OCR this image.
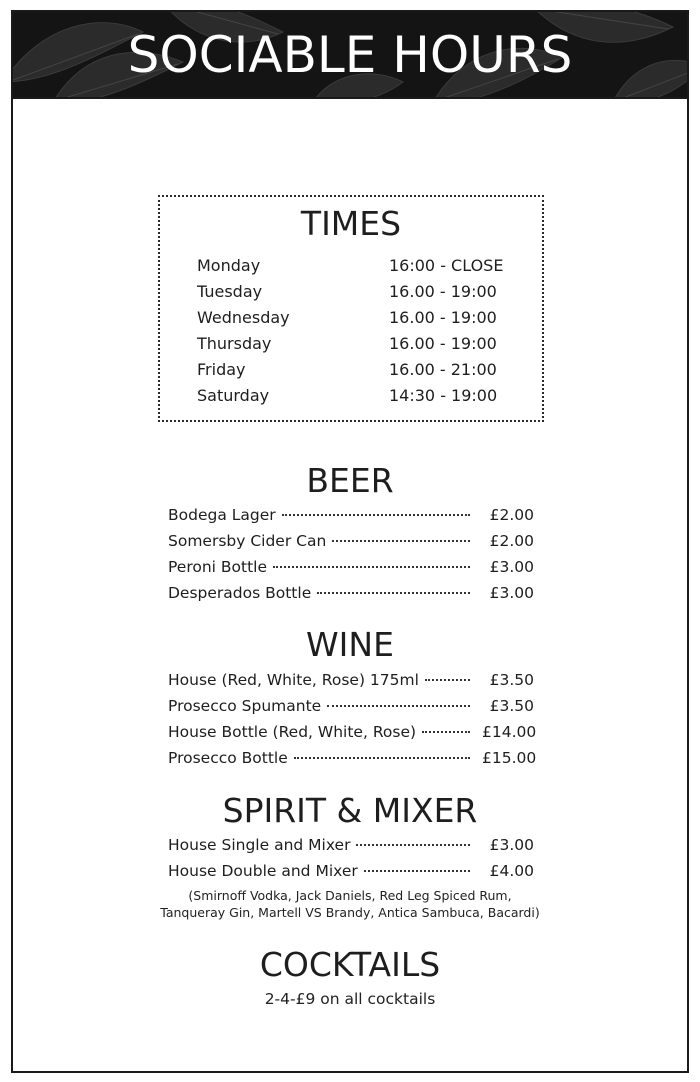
SOCIABLE HOURS
TIMES
Monday	16:00 - CLOSE
Tuesday	16.00 - 19:00
Wednesday	16.00 - 19:00
Thursday	16.00 - 19:00
Friday	16.00 - 21:00
Saturday	14:30 - 19:00
BEER
Bodega Lager	£2.00
Somersby Cider Can	£2.00
Peroni Bottle	£3.00
Desperados Bottle	£3.00
WINE
House (Red, White, Rose) 175ml	£3.50
Prosecco Spumante	£3.50
House Bottle (Red, White, Rose)	£14.00
Prosecco Bottle	£15.00
SPIRIT & MIXER
House Single and Mixer	£3.00
House Double and Mixer	£4.00
(Smirnoff Vodka, Jack Daniels, Red Leg Spiced Rum,
Tanqueray Gin, Martell VS Brandy, Antica Sambuca, Bacardi)
COCKTAILS
2-4-£9 on all cocktails
